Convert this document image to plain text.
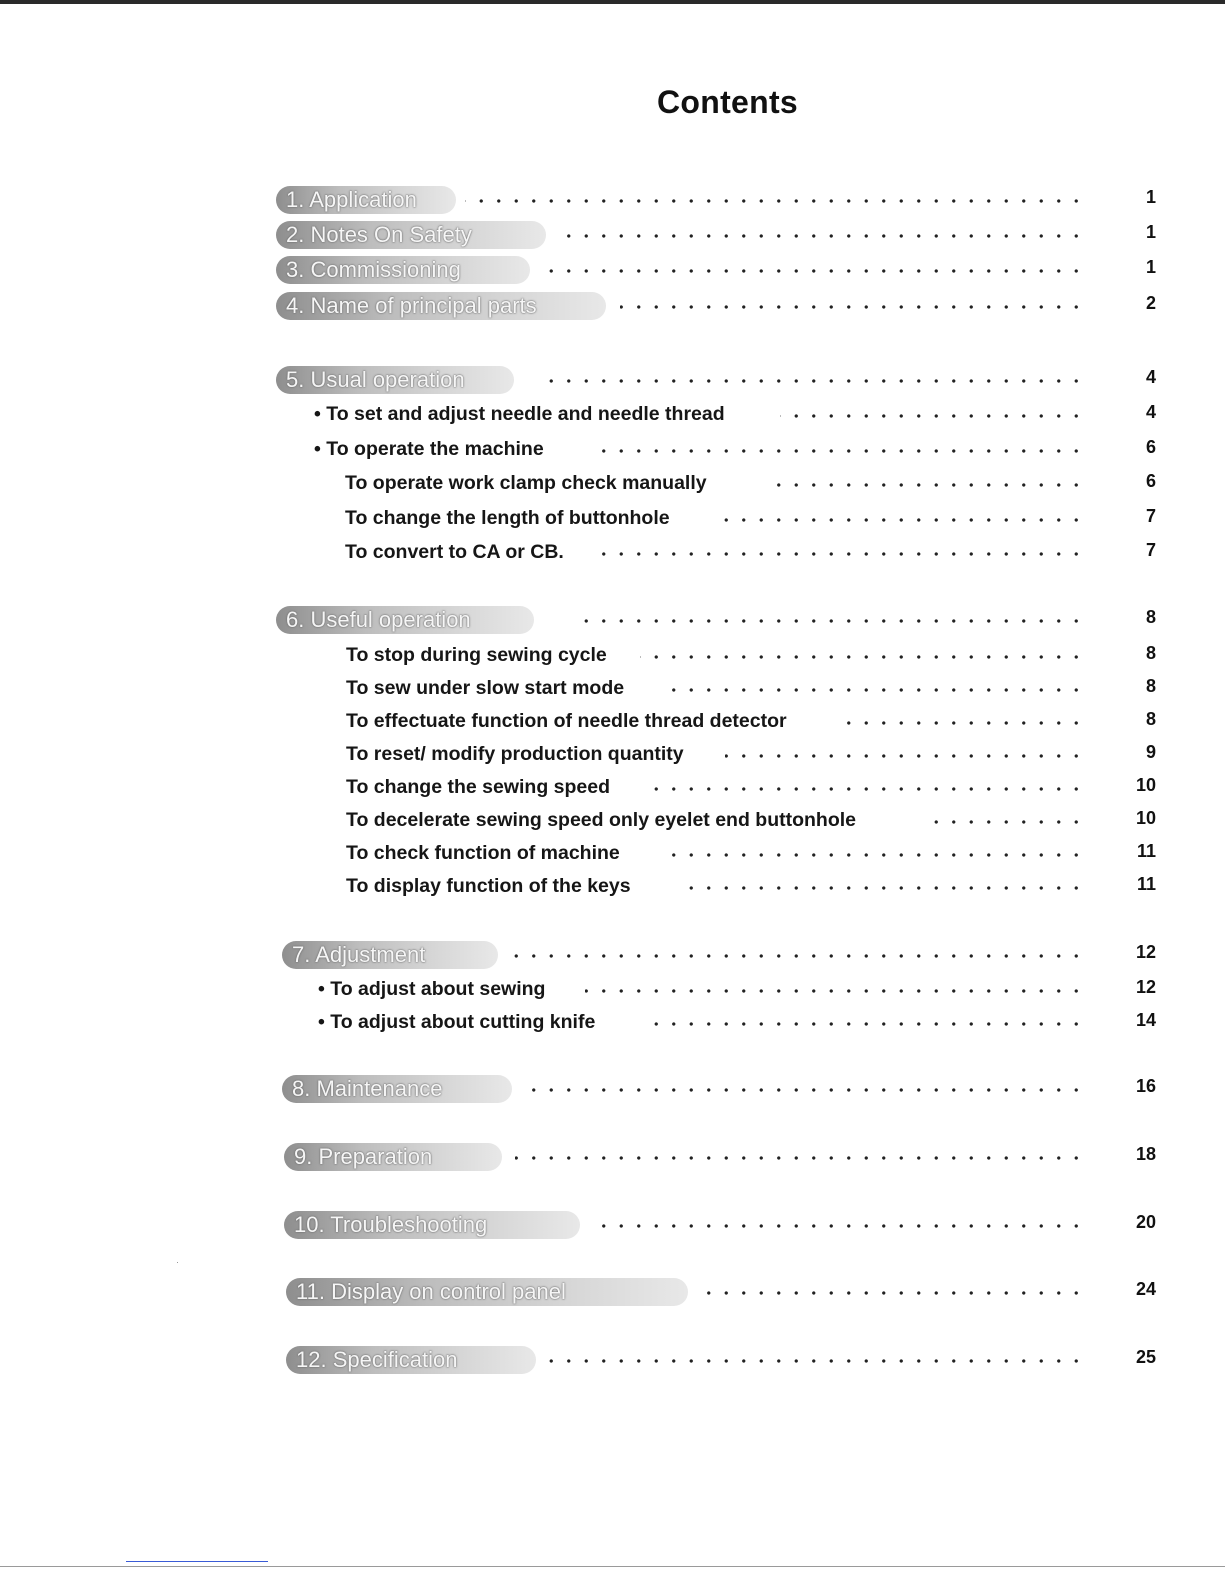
Contents
1. Application	1
2. Notes On Safety	1
3. Commissioning	1
4. Name of principal parts	2
5. Usual operation	4
• To set and adjust needle and needle thread	4
• To operate the machine	6
To operate work clamp check manually	6
To change the length of buttonhole	7
To convert to CA or CB.	7
6. Useful operation	8
To stop during sewing cycle	8
To sew under slow start mode	8
To effectuate function of needle thread detector	8
To reset/ modify production quantity	9
To change the sewing speed	10
To decelerate sewing speed only eyelet end buttonhole	10
To check function of machine	11
To display function of the keys	11
7. Adjustment	12
• To adjust about sewing	12
• To adjust about cutting knife	14
8. Maintenance	16
9. Preparation	18
10. Troubleshooting	20
11. Display on control panel	24
12. Specification	25
